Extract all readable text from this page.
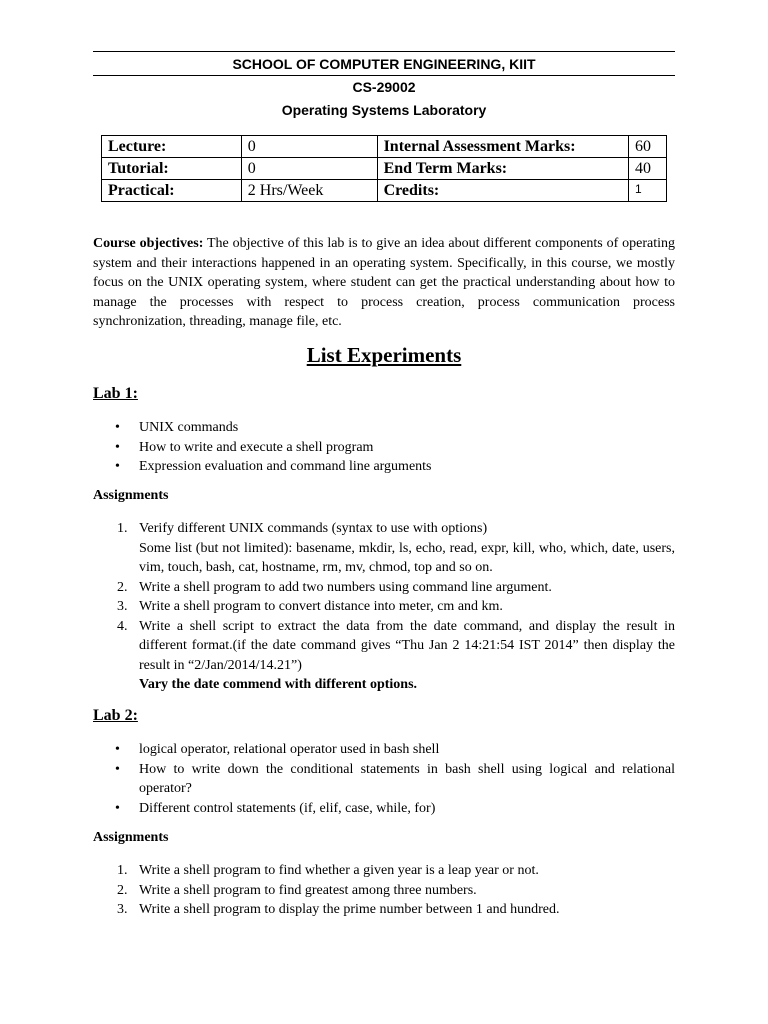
SCHOOL OF COMPUTER ENGINEERING, KIIT
CS-29002
Operating Systems Laboratory
Lecture:	0	Internal Assessment Marks:	60
Tutorial:	0	End Term Marks:	40
Practical:	2 Hrs/Week	Credits:	1
Course objectives: The objective of this lab is to give an idea about different components of operating system and their interactions happened in an operating system. Specifically, in this course, we mostly focus on the UNIX operating system, where student can get the practical understanding about how to manage the processes with respect to process creation, process communication process synchronization, threading, manage file, etc.
List Experiments
Lab 1:
• UNIX commands
• How to write and execute a shell program
• Expression evaluation and command line arguments
Assignments
1. Verify different UNIX commands (syntax to use with options)
Some list (but not limited): basename, mkdir, ls, echo, read, expr, kill, who, which, date, users, vim, touch, bash, cat, hostname, rm, mv, chmod, top and so on.
2. Write a shell program to add two numbers using command line argument.
3. Write a shell program to convert distance into meter, cm and km.
4. Write a shell script to extract the data from the date command, and display the result in different format.(if the date command gives “Thu Jan 2 14:21:54 IST 2014” then display the result in “2/Jan/2014/14.21”)
Vary the date commend with different options.
Lab 2:
• logical operator, relational operator used in bash shell
• How to write down the conditional statements in bash shell using logical and relational operator?
• Different control statements (if, elif, case, while, for)
Assignments
1. Write a shell program to find whether a given year is a leap year or not.
2. Write a shell program to find greatest among three numbers.
3. Write a shell program to display the prime number between 1 and hundred.
